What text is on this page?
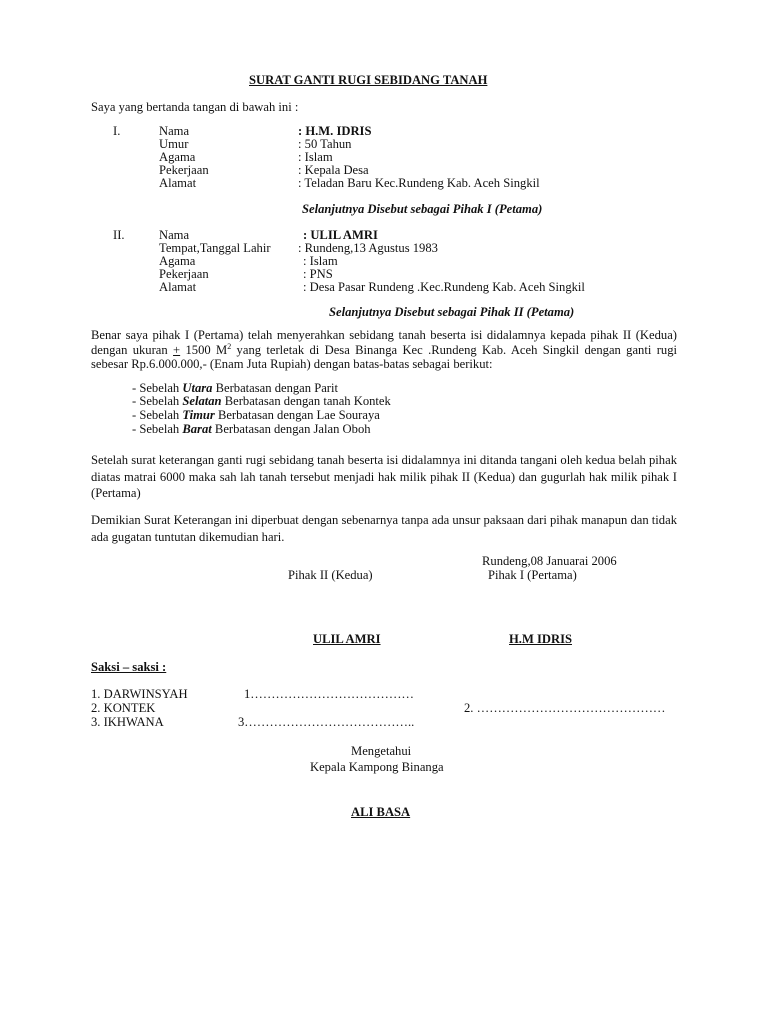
SURAT GANTI RUGI SEBIDANG TANAH
Saya yang bertanda tangan di bawah ini :
I.	Nama	: H.M. IDRIS
Umur	: 50 Tahun
Agama	: Islam
Pekerjaan	: Kepala Desa
Alamat	: Teladan Baru Kec.Rundeng Kab. Aceh Singkil
Selanjutnya Disebut sebagai Pihak I (Petama)
II.	Nama	: ULIL AMRI
Tempat,Tanggal Lahir : Rundeng,13 Agustus 1983
Agama	: Islam
Pekerjaan	: PNS
Alamat	: Desa Pasar Rundeng .Kec.Rundeng Kab. Aceh Singkil
Selanjutnya Disebut sebagai Pihak II (Petama)
Benar saya pihak I (Pertama) telah menyerahkan sebidang tanah beserta isi didalamnya kepada pihak II (Kedua) dengan ukuran + 1500 $M^2$ yang terletak di Desa Binanga Kec .Rundeng Kab. Aceh Singkil dengan ganti rugi sebesar Rp.6.000.000,- (Enam Juta Rupiah) dengan batas-batas sebagai berikut:
- Sebelah Utara Berbatasan dengan Parit
- Sebelah Selatan Berbatasan dengan tanah Kontek
- Sebelah Timur Berbatasan dengan Lae Souraya
- Sebelah Barat Berbatasan dengan Jalan Oboh
Setelah surat keterangan ganti rugi sebidang tanah beserta isi didalamnya ini ditanda tangani oleh kedua belah pihak diatas matrai 6000 maka sah lah tanah tersebut menjadi hak milik pihak II (Kedua) dan gugurlah hak milik pihak I (Pertama)
Demikian Surat Keterangan ini diperbuat dengan sebenarnya tanpa ada unsur paksaan dari pihak manapun dan tidak ada gugatan tuntutan dikemudian hari.
Rundeng,08 Januarai 2006
Pihak II (Kedua)	Pihak I (Pertama)
ULIL AMRI	H.M IDRIS
Saksi – saksi :
1. DARWINSYAH	1…………………………………
2. KONTEK	2. ………………………………………
3. IKHWANA	3…………………………………..
Mengetahui
Kepala Kampong Binanga
ALI BASA
